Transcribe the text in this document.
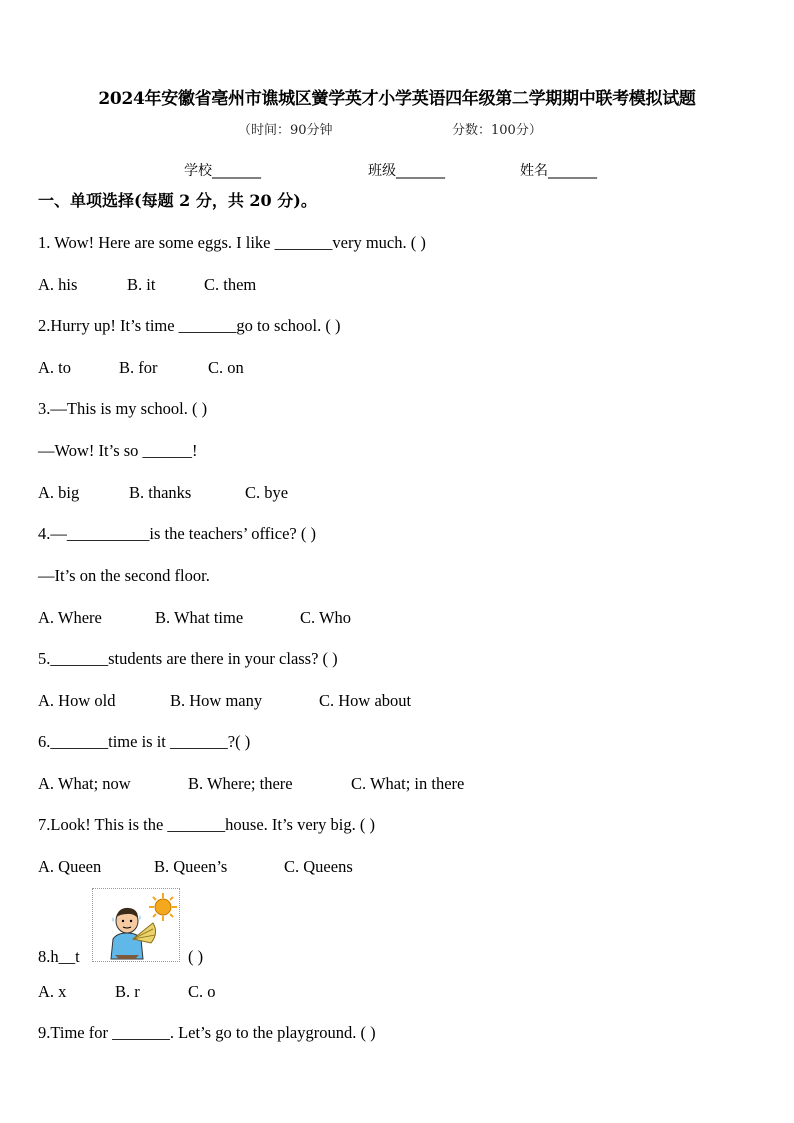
2024年安徽省亳州市谯城区黉学英才小学英语四年级第二学期期中联考模拟试题
（时间：90分钟	分数：100分）
学校_______	班级_______	姓名_______
一、单项选择(每题 2 分，共 20 分)。
1. Wow! Here are some eggs. I like _______very much. ( )
A. his	B. it	C. them
2.Hurry up! It’s time _______go to school. ( )
A. to	B. for	C. on
3.—This is my school. ( )
—Wow! It’s so ______!
A. big	B. thanks	C. bye
4.—__________is the teachers’ office? ( )
—It’s on the second floor.
A. Where	B. What time	C. Who
5._______students are there in your class? ( )
A. How old	B. How many	C. How about
6._______time is it _______?( )
A. What; now	B. Where; there	C. What; in there
7.Look! This is the _______house. It’s very big. ( )
A. Queen	B. Queen’s	C. Queens
8.h__t	( )
A. x	B. r	C. o
9.Time for _______. Let’s go to the playground. ( )
